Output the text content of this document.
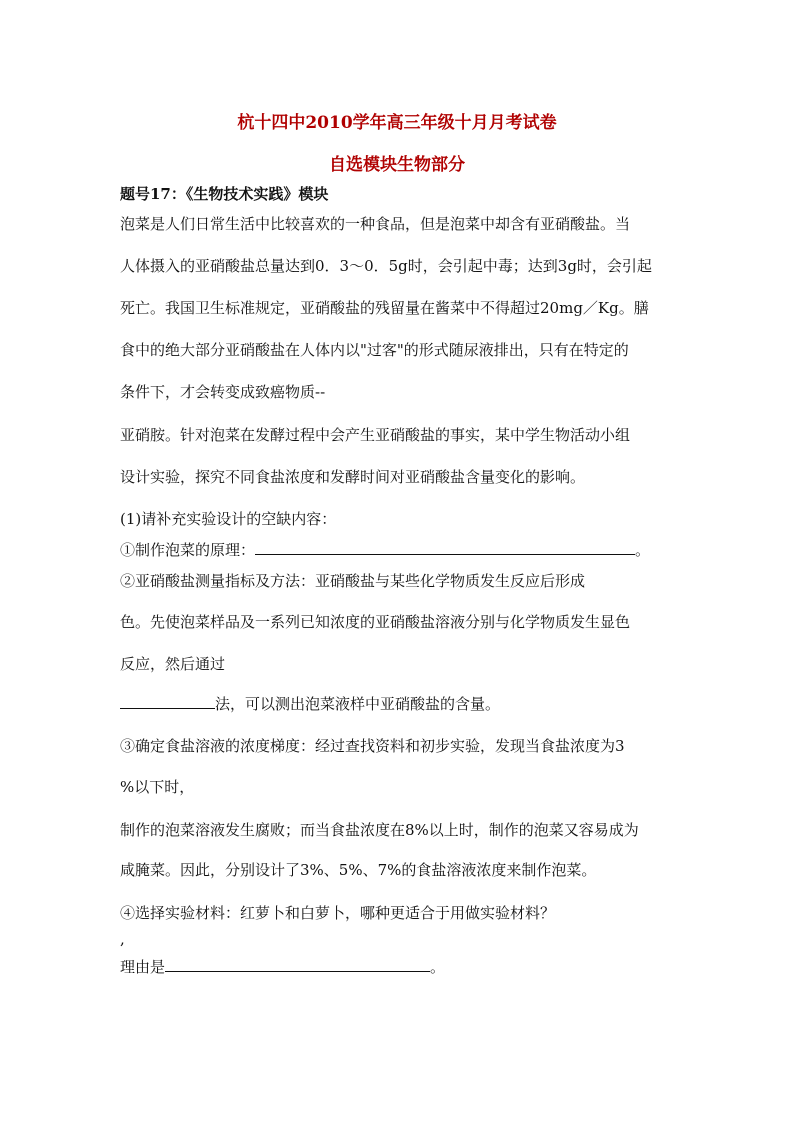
杭十四中2010学年高三年级十月月考试卷
自选模块生物部分

题号17：《生物技术实践》模块

泡菜是人们日常生活中比较喜欢的一种食品，但是泡菜中却含有亚硝酸盐。当

人体摄入的亚硝酸盐总量达到0．3～0．5g时，会引起中毒；达到3g时，会引起

死亡。我国卫生标准规定，亚硝酸盐的残留量在酱菜中不得超过20mg／Kg。膳

食中的绝大部分亚硝酸盐在人体内以"过客"的形式随尿液排出，只有在特定的

条件下，才会转变成致癌物质--

亚硝胺。针对泡菜在发酵过程中会产生亚硝酸盐的事实，某中学生物活动小组

设计实验，探究不同食盐浓度和发酵时间对亚硝酸盐含量变化的影响。

(1)请补充实验设计的空缺内容：

①制作泡菜的原理：	。

②亚硝酸盐测量指标及方法：亚硝酸盐与某些化学物质发生反应后形成

色。先使泡菜样品及一系列已知浓度的亚硝酸盐溶液分别与化学物质发生显色

反应，然后通过

法，可以测出泡菜液样中亚硝酸盐的含量。

③确定食盐溶液的浓度梯度：经过查找资料和初步实验，发现当食盐浓度为3

%以下时，

制作的泡菜溶液发生腐败；而当食盐浓度在8%以上时，制作的泡菜又容易成为

咸腌菜。因此，分别设计了3%、5%、7%的食盐溶液浓度来制作泡菜。

④选择实验材料：红萝卜和白萝卜，哪种更适合于用做实验材料？

,

理由是	。
